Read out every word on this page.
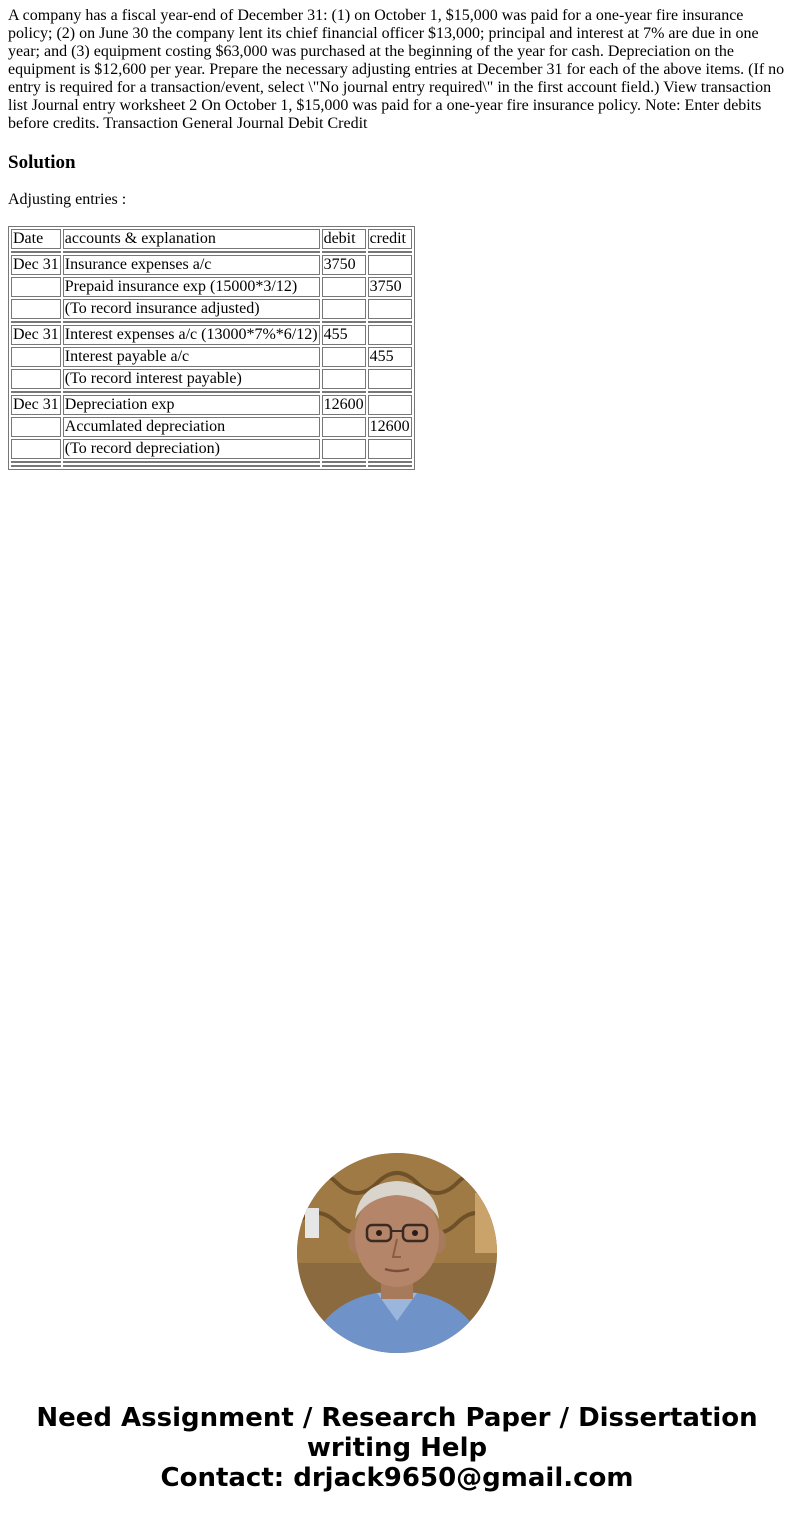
A company has a fiscal year-end of December 31: (1) on October 1, $15,000 was paid for a one-year fire insurance policy; (2) on June 30 the company lent its chief financial officer $13,000; principal and interest at 7% are due in one year; and (3) equipment costing $63,000 was purchased at the beginning of the year for cash. Depreciation on the equipment is $12,600 per year. Prepare the necessary adjusting entries at December 31 for each of the above items. (If no entry is required for a transaction/event, select \"No journal entry required\" in the first account field.) View transaction list Journal entry worksheet 2 On October 1, $15,000 was paid for a one-year fire insurance policy. Note: Enter debits before credits. Transaction General Journal Debit Credit

Solution

Adjusting entries :

Date	accounts & explanation	debit	credit

Dec 31	Insurance expenses a/c	3750	
	Prepaid insurance exp (15000*3/12)		3750
	(To record insurance adjusted)		

Dec 31	Interest expenses a/c (13000*7%*6/12)	455	
	Interest payable a/c		455
	(To record interest payable)		

Dec 31	Depreciation exp	12600	
	Accumlated depreciation		12600
	(To record depreciation)		

Need Assignment / Research Paper / Dissertation
writing Help
Contact: drjack9650@gmail.com
